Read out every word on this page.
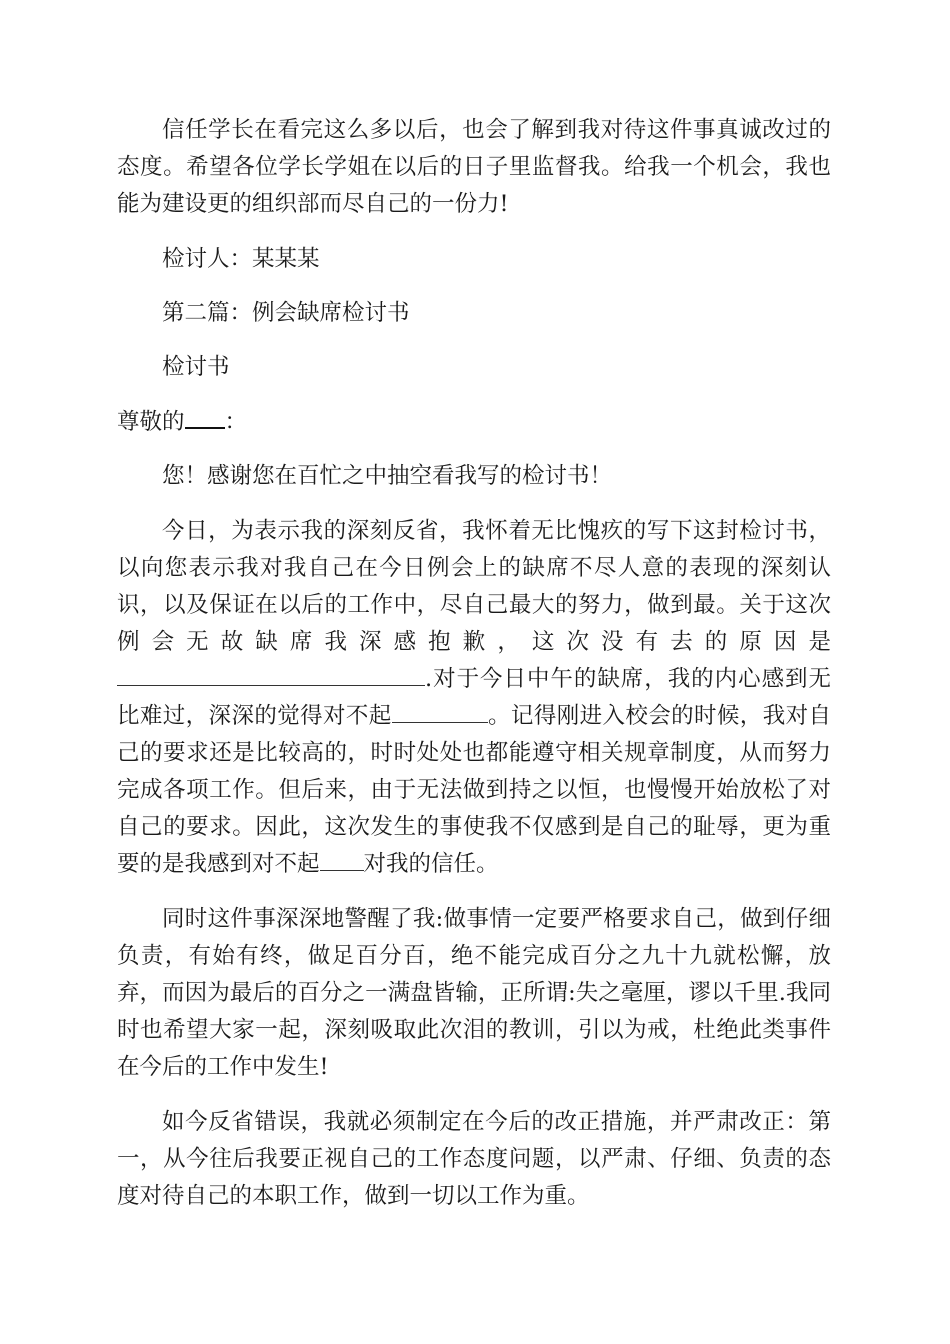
信任学长在看完这么多以后，也会了解到我对待这件事真诚改过的态度。希望各位学长学姐在以后的日子里监督我。给我一个机会，我也能为建设更的组织部而尽自己的一份力!

检讨人：某某某

第二篇：例会缺席检讨书

检讨书

尊敬的 ：

您！感谢您在百忙之中抽空看我写的检讨书！

今日，为表示我的深刻反省，我怀着无比愧疚的写下这封检讨书，以向您表示我对我自己在今日例会上的缺席不尽人意的表现的深刻认识，以及保证在以后的工作中，尽自己最大的努力，做到最。关于这次例会无故缺席我深感抱歉，这次没有去的原因是.对于今日中午的缺席，我的内心感到无比难过，深深的觉得对不起	。记得刚进入校会的时候，我对自己的要求还是比较高的，时时处处也都能遵守相关规章制度，从而努力完成各项工作。但后来，由于无法做到持之以恒，也慢慢开始放松了对自己的要求。因此，这次发生的事使我不仅感到是自己的耻辱，更为重要的是我感到对不起 对我的信任。

同时这件事深深地警醒了我:做事情一定要严格要求自己，做到仔细负责，有始有终，做足百分百，绝不能完成百分之九十九就松懈，放弃，而因为最后的百分之一满盘皆输，正所谓:失之毫厘，谬以千里.我同时也希望大家一起，深刻吸取此次泪的教训，引以为戒，杜绝此类事件在今后的工作中发生!

如今反省错误，我就必须制定在今后的改正措施，并严肃改正：第一，从今往后我要正视自己的工作态度问题，以严肃、仔细、负责的态度对待自己的本职工作，做到一切以工作为重。
